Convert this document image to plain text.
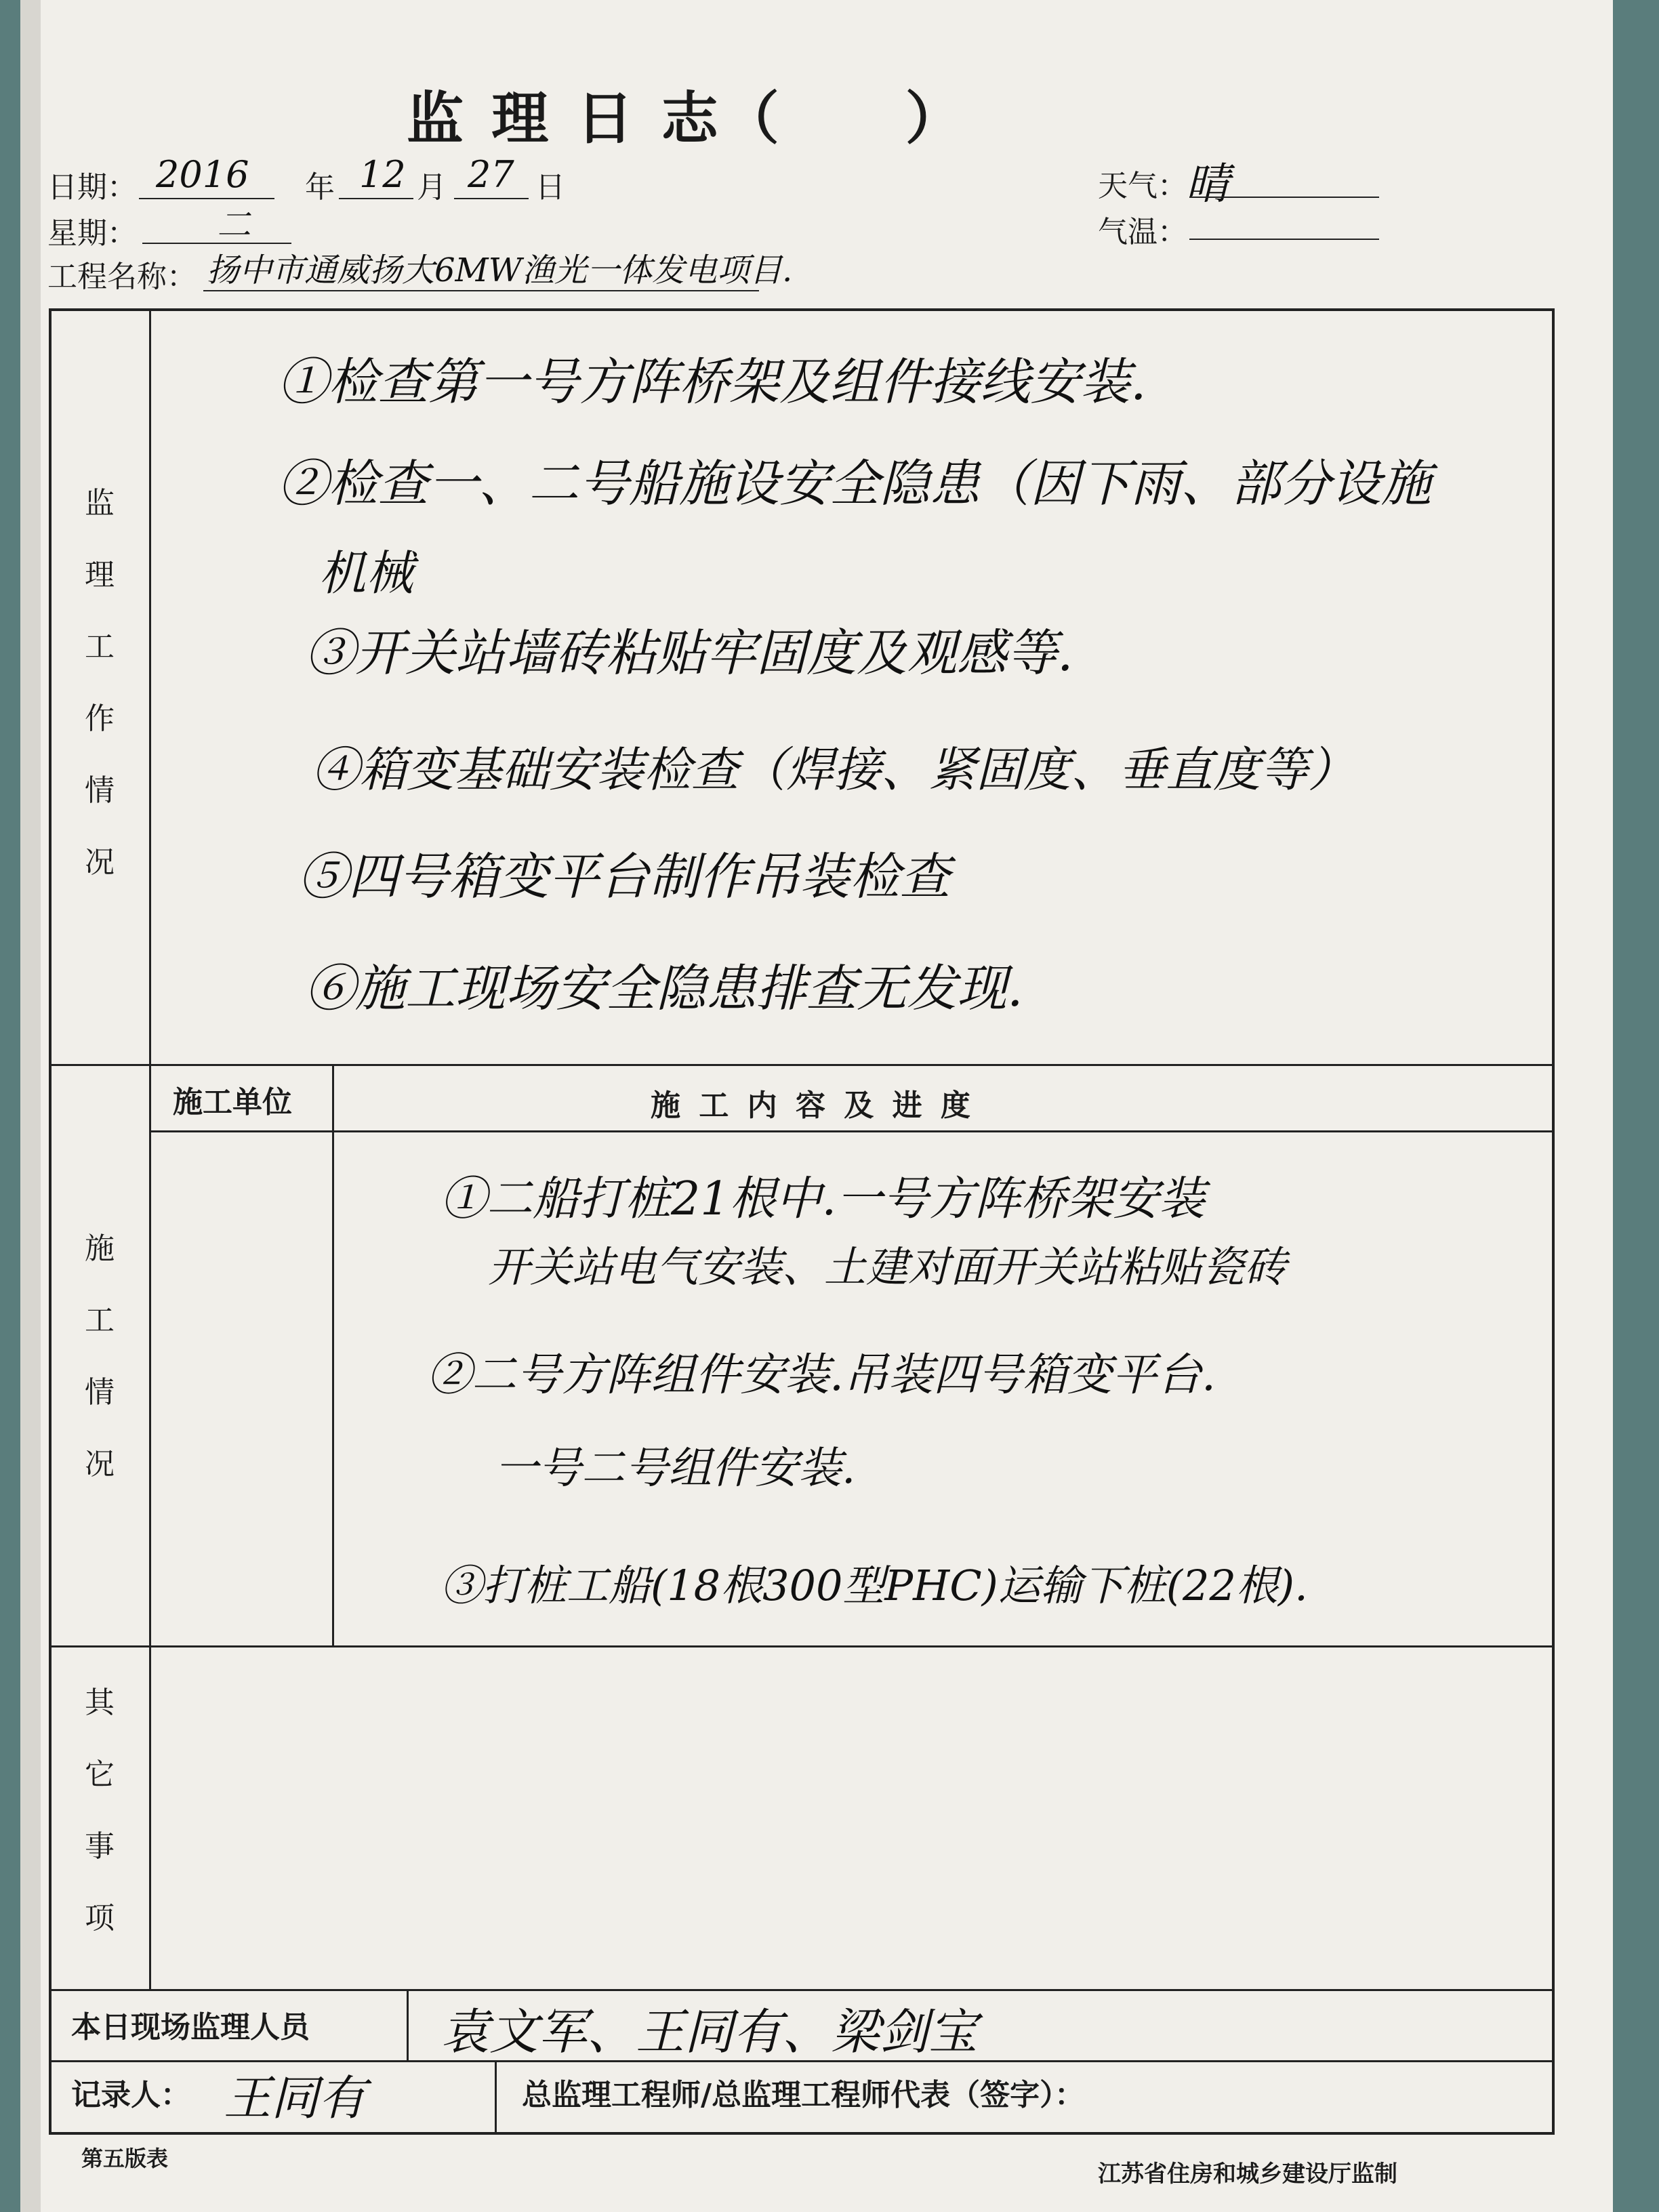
监 理 日 志（　　）
日期： 2016 年 12 月 27 日	天气：
晴
星期： 二	气温：
工程名称： 扬中市通威扬大6MW渔光一体发电项目.
监
理
工
作
情
况
①检查第一号方阵桥架及组件接线安装.
②检查一、二号船施设安全隐患（因下雨、部分设施
机械
③开关站墙砖粘贴牢固度及观感等.
④箱变基础安装检查（焊接、紧固度、垂直度等）
⑤四号箱变平台制作吊装检查
⑥施工现场安全隐患排查无发现.
施工单位	施 工 内 容 及 进 度
施
工
情
况
①二船打桩21根中.一号方阵桥架安装
开关站电气安装、土建对面开关站粘贴瓷砖
②二号方阵组件安装.吊装四号箱变平台.
一号二号组件安装.
③打桩工船(18根300型PHC)运输下桩(22根).
其
它
事
项
本日现场监理人员	袁文军、王同有、梁剑宝
记录人： 王同有	总监理工程师/总监理工程师代表（签字）：
第五版表
江苏省住房和城乡建设厅监制
